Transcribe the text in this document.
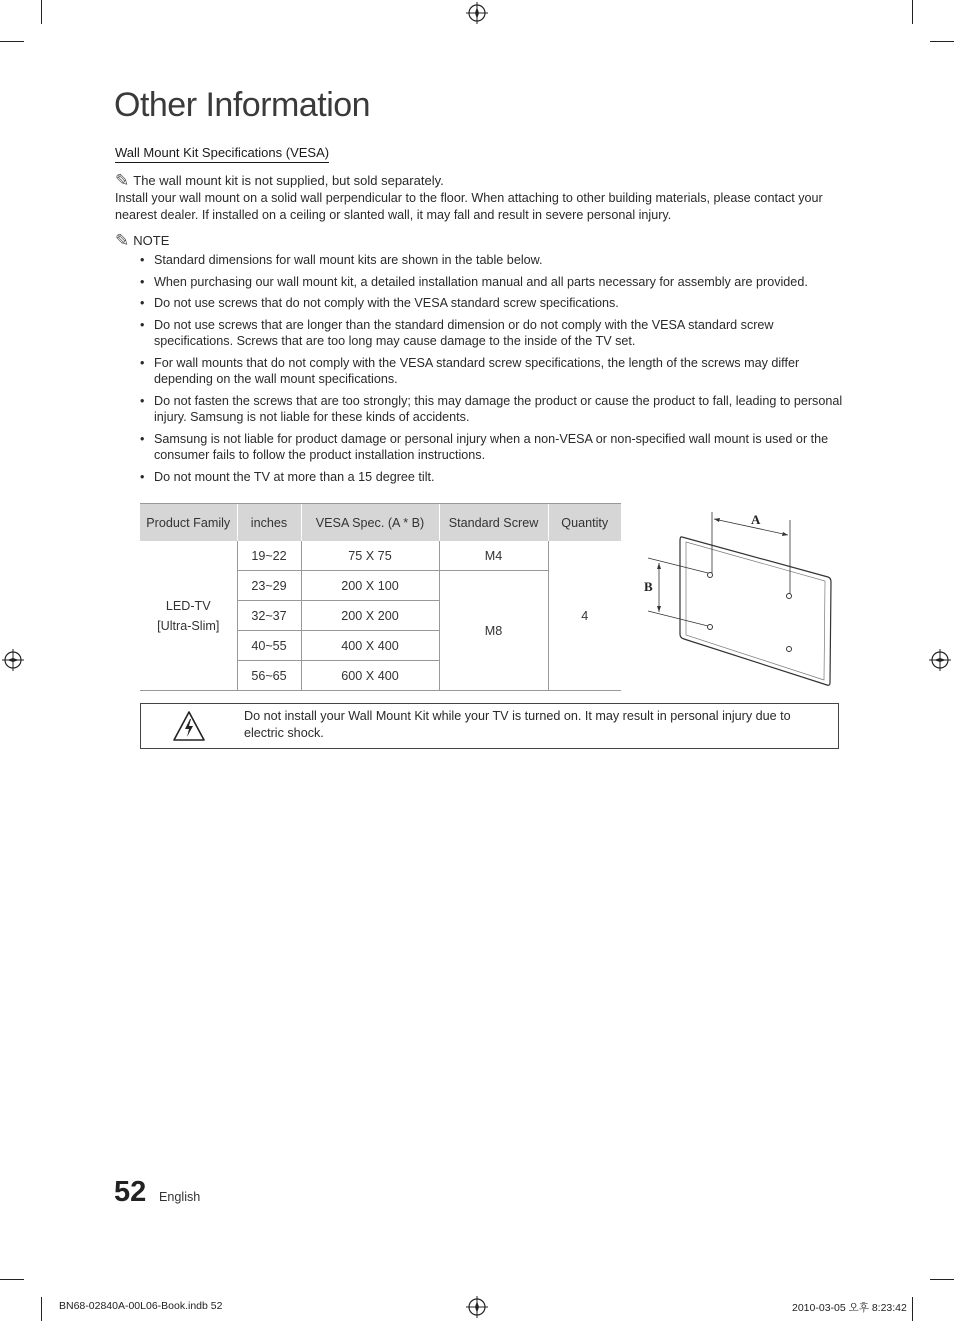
Other Information
Wall Mount Kit Specifications (VESA)
✎ The wall mount kit is not supplied, but sold separately.

Install your wall mount on a solid wall perpendicular to the floor. When attaching to other building materials, please contact your nearest dealer. If installed on a ceiling or slanted wall, it may fall and result in severe personal injury.

✎ NOTE
• Standard dimensions for wall mount kits are shown in the table below.
• When purchasing our wall mount kit, a detailed installation manual and all parts necessary for assembly are provided.
• Do not use screws that do not comply with the VESA standard screw specifications.
• Do not use screws that are longer than the standard dimension or do not comply with the VESA standard screw specifications. Screws that are too long may cause damage to the inside of the TV set.
• For wall mounts that do not comply with the VESA standard screw specifications, the length of the screws may differ depending on the wall mount specifications.
• Do not fasten the screws that are too strongly; this may damage the product or cause the product to fall, leading to personal injury. Samsung is not liable for these kinds of accidents.
• Samsung is not liable for product damage or personal injury when a non-VESA or non-specified wall mount is used or the consumer fails to follow the product installation instructions.
• Do not mount the TV at more than a 15 degree tilt.
Product Family	inches	VESA Spec. (A * B)	Standard Screw	Quantity
LED-TV
[Ultra-Slim]	19~22	75 X 75	M4	4
	23~29	200 X 100	M8	
	32~37	200 X 200		
	40~55	400 X 400		
	56~65	600 X 400		
A
B
Do not install your Wall Mount Kit while your TV is turned on. It may result in personal injury due to electric shock.
52 English
BN68-02840A-00L06-Book.indb 52	2010-03-05 오후 8:23:42
